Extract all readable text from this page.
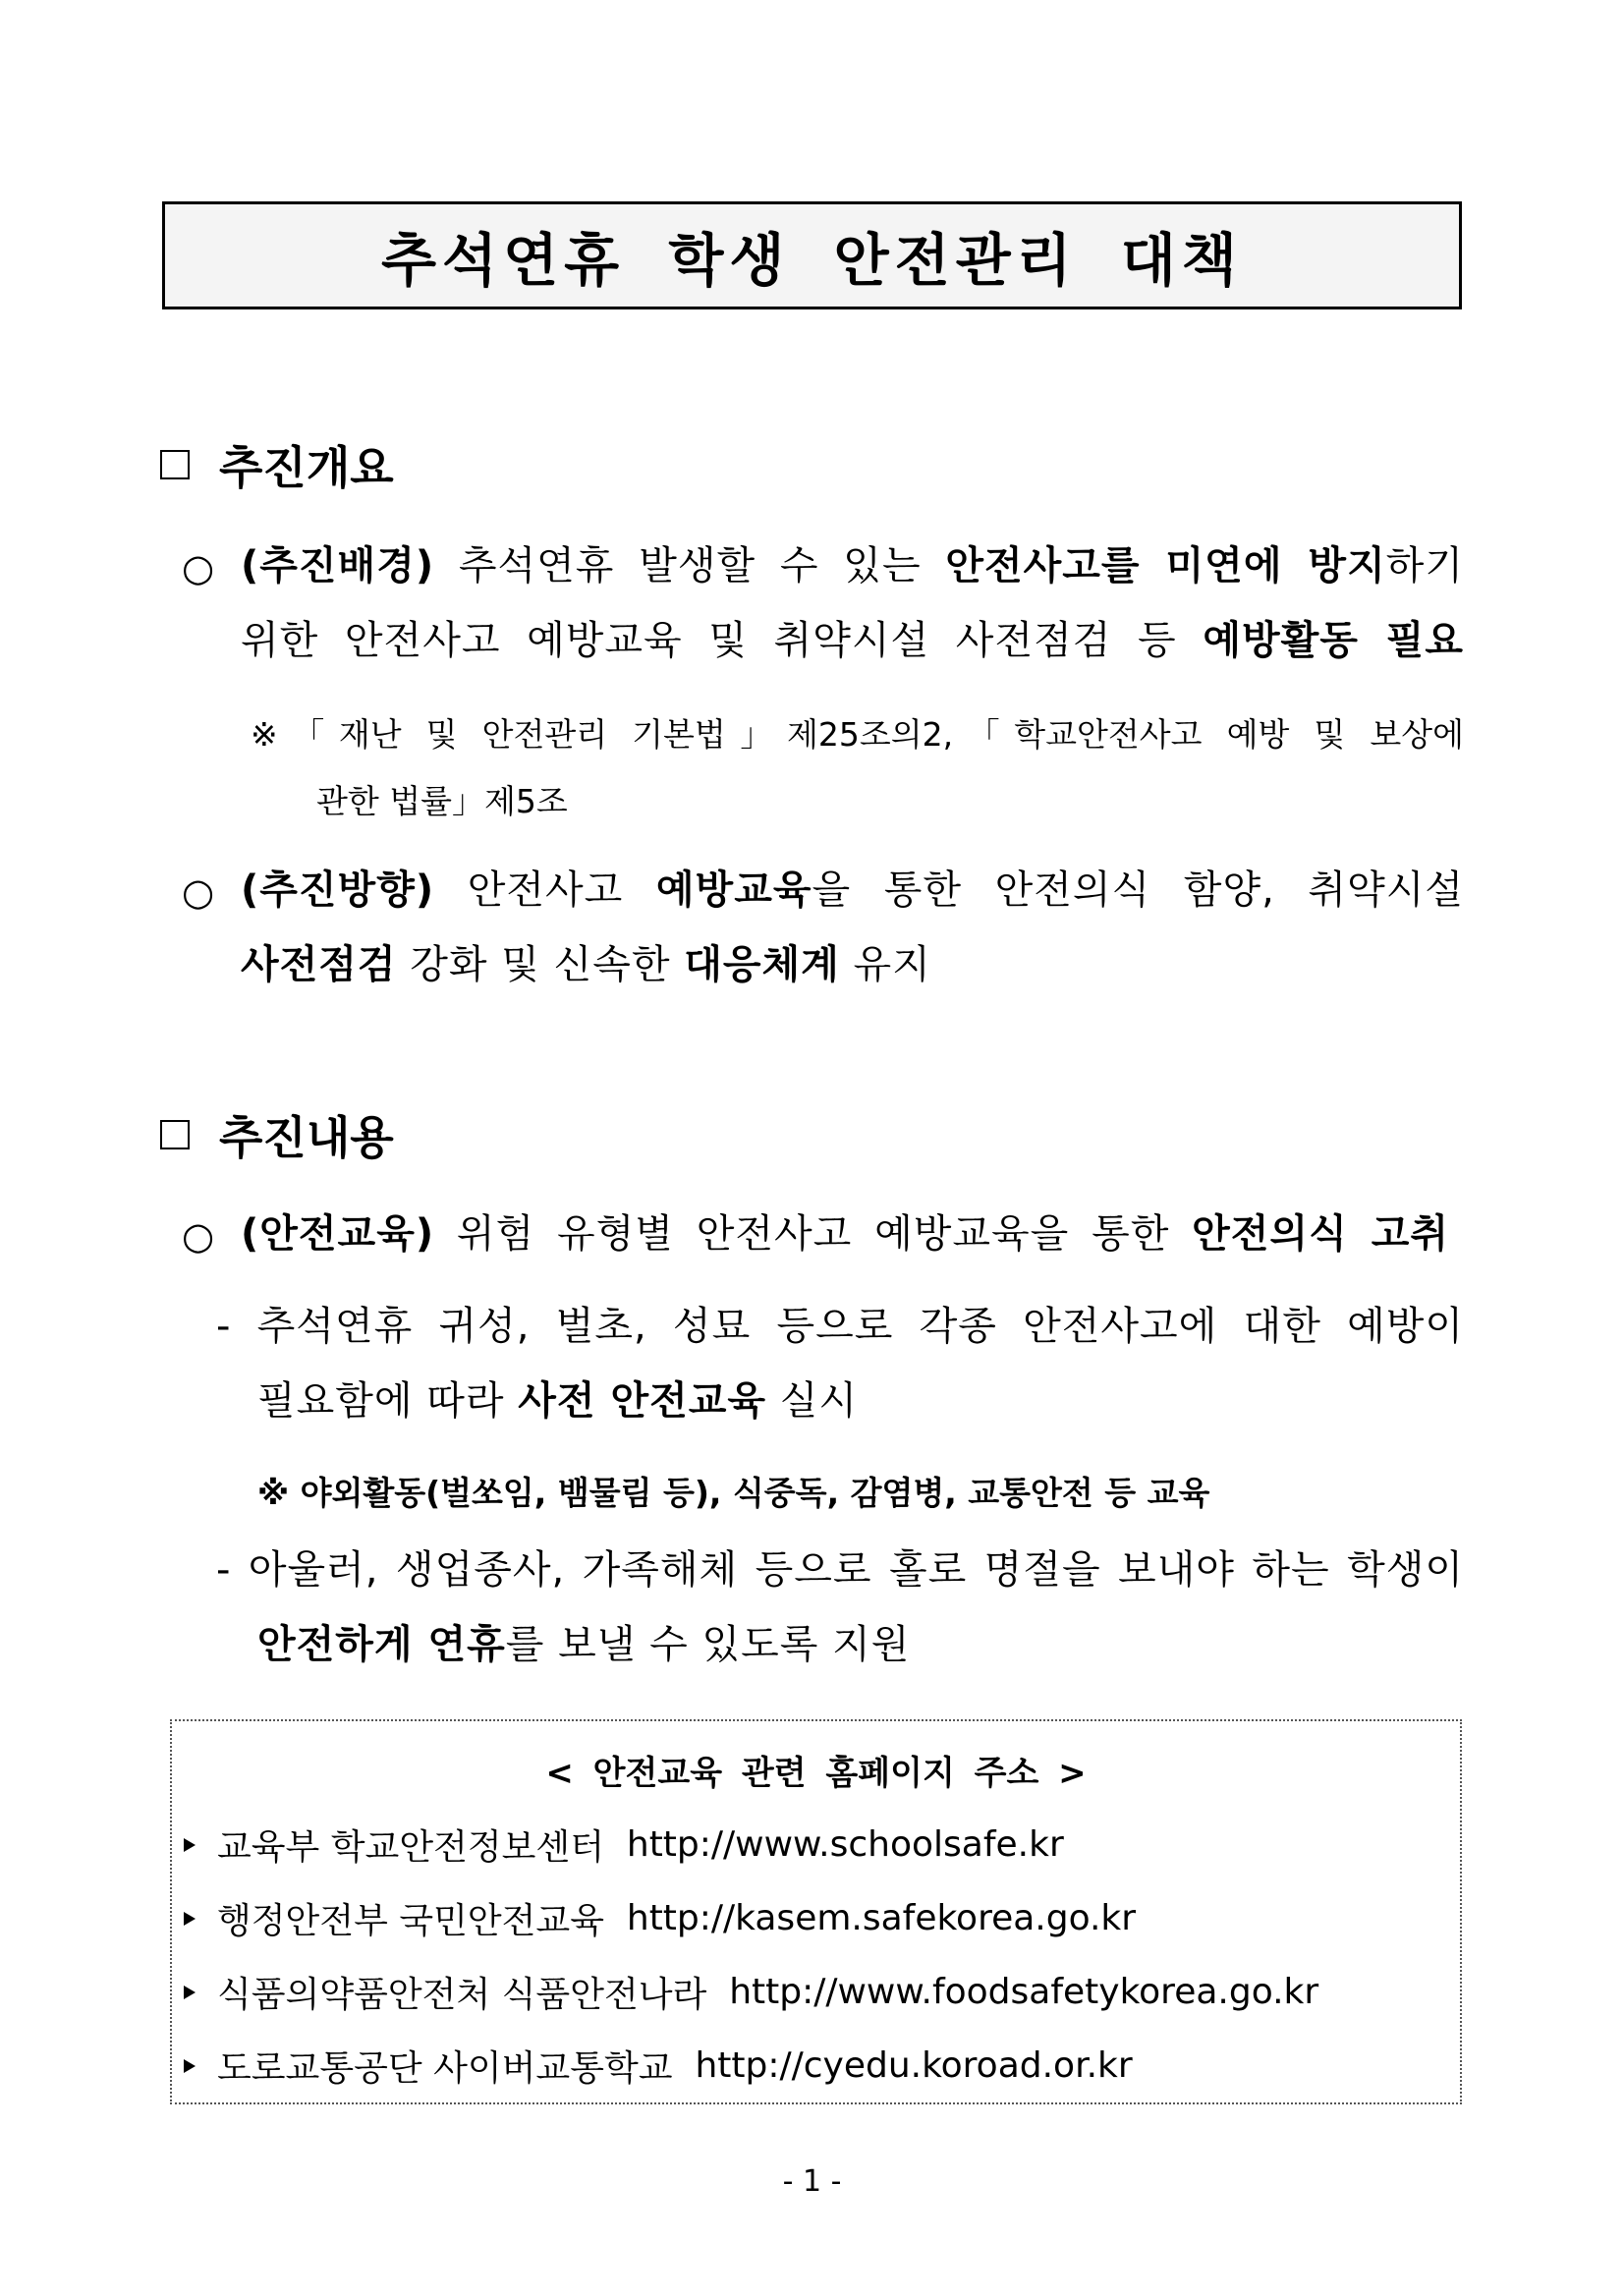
추석연휴 학생 안전관리 대책
추진개요
○ (추진배경) 추석연휴 발생할 수 있는 안전사고를 미연에 방지하기
위한 안전사고 예방교육 및 취약시설 사전점검 등 예방활동 필요
※「재난 및 안전관리 기본법」제25조의2,「학교안전사고 예방 및 보상에
관한 법률」제5조
○ (추진방향) 안전사고 예방교육을 통한 안전의식 함양, 취약시설
사전점검 강화 및 신속한 대응체계 유지
추진내용
○ (안전교육) 위험 유형별 안전사고 예방교육을 통한 안전의식 고취
- 추석연휴 귀성, 벌초, 성묘 등으로 각종 안전사고에 대한 예방이
필요함에 따라 사전 안전교육 실시
※ 야외활동(벌쏘임, 뱀물림 등), 식중독, 감염병, 교통안전 등 교육
- 아울러, 생업종사, 가족해체 등으로 홀로 명절을 보내야 하는 학생이
안전하게 연휴를 보낼 수 있도록 지원
< 안전교육 관련 홈페이지 주소 >
교육부 학교안전정보센터
http://www.schoolsafe.kr
행정안전부 국민안전교육
http://kasem.safekorea.go.kr
식품의약품안전처 식품안전나라
http://www.foodsafetykorea.go.kr
도로교통공단 사이버교통학교
http://cyedu.koroad.or.kr
- 1 -
